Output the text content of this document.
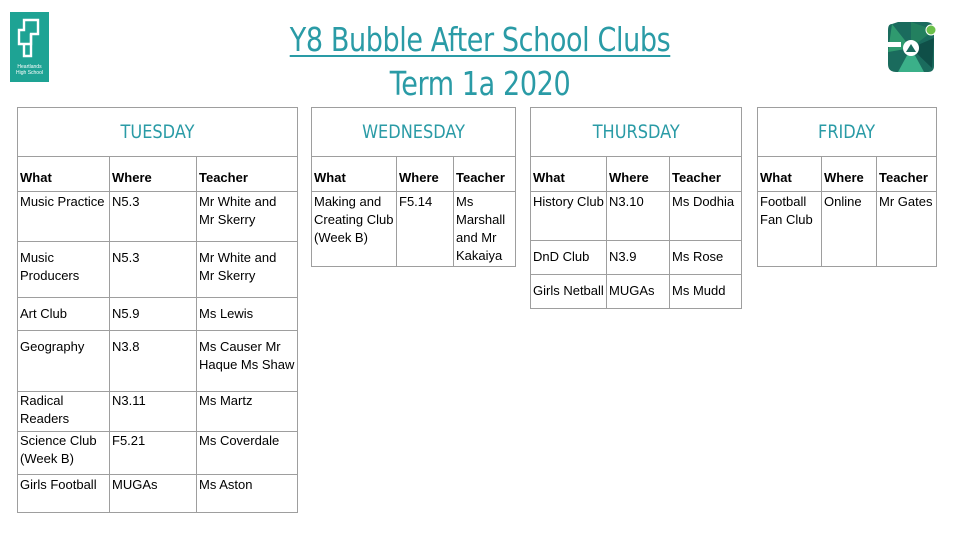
Heartlands
High School
Y8 Bubble After School Clubs
Term 1a 2020
TUESDAY		
What	Where	Teacher
Music Practice	N5.3	Mr White and Mr Skerry
Music Producers	N5.3	Mr White and Mr Skerry
Art Club	N5.9	Ms Lewis
Geography	N3.8	Ms Causer Mr Haque Ms Shaw
Radical Readers	N3.11	Ms Martz
Science Club (Week B)	F5.21	Ms Coverdale
Girls Football	MUGAs	Ms Aston
WEDNESDAY		
What	Where	Teacher
Making and Creating Club (Week B)	F5.14	Ms Marshall and Mr Kakaiya
THURSDAY		
What	Where	Teacher
History Club	N3.10	Ms Dodhia
DnD Club	N3.9	Ms Rose
Girls Netball	MUGAs	Ms Mudd
FRIDAY		
What	Where	Teacher
Football Fan Club	Online	Mr Gates
